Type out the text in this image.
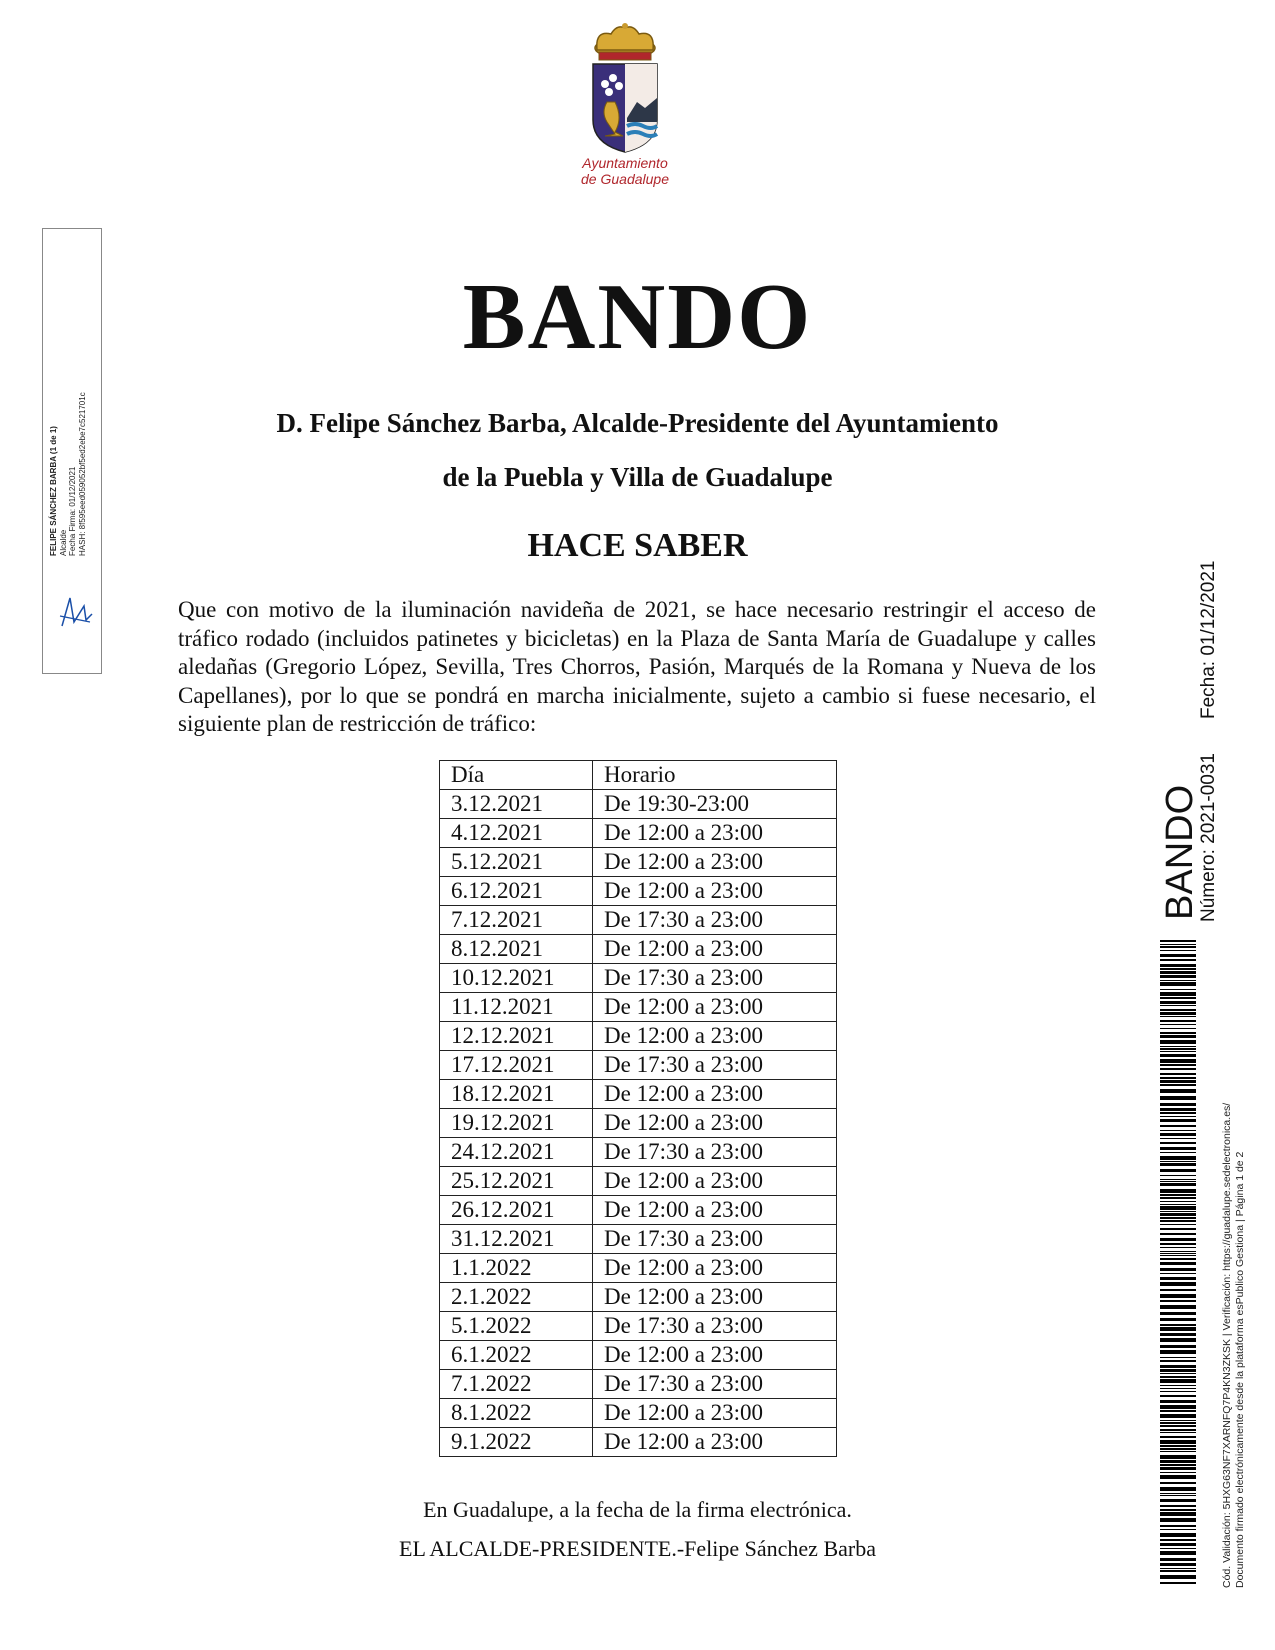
Ayuntamiento
de Guadalupe
FELIPE SÁNCHEZ BARBA (1 de 1)
Alcalde
Fecha Firma: 01/12/2021
HASH: 8f595eed059052bf5ed2ebe7c521701c
BANDO
D. Felipe Sánchez Barba, Alcalde-Presidente del Ayuntamiento
de la Puebla y Villa de Guadalupe
HACE SABER
Que con motivo de la iluminación navideña de 2021, se hace necesario restringir el acceso de tráfico rodado (incluidos patinetes y bicicletas) en la Plaza de Santa María de Guadalupe y calles aledañas (Gregorio López, Sevilla, Tres Chorros, Pasión, Marqués de la Romana y Nueva de los Capellanes), por lo que se pondrá en marcha inicialmente, sujeto a cambio si fuese necesario, el siguiente plan de restricción de tráfico:
Día	Horario
3.12.2021	De 19:30-23:00
4.12.2021	De 12:00 a 23:00
5.12.2021	De 12:00 a 23:00
6.12.2021	De 12:00 a 23:00
7.12.2021	De 17:30 a 23:00
8.12.2021	De 12:00 a 23:00
10.12.2021	De 17:30 a 23:00
11.12.2021	De 12:00 a 23:00
12.12.2021	De 12:00 a 23:00
17.12.2021	De 17:30 a 23:00
18.12.2021	De 12:00 a 23:00
19.12.2021	De 12:00 a 23:00
24.12.2021	De 17:30 a 23:00
25.12.2021	De 12:00 a 23:00
26.12.2021	De 12:00 a 23:00
31.12.2021	De 17:30 a 23:00
1.1.2022	De 12:00 a 23:00
2.1.2022	De 12:00 a 23:00
5.1.2022	De 17:30 a 23:00
6.1.2022	De 12:00 a 23:00
7.1.2022	De 17:30 a 23:00
8.1.2022	De 12:00 a 23:00
9.1.2022	De 12:00 a 23:00
En Guadalupe, a la fecha de la firma electrónica.
EL ALCALDE-PRESIDENTE.-Felipe Sánchez Barba
BANDO
Número: 2021-0031Fecha: 01/12/2021
Cód. Validación: 5HXG63NF7XARNFQ7P4KN3ZKSK | Verificación: https://guadalupe.sedelectronica.es/ Documento firmado electrónicamente desde la plataforma esPublico Gestiona | Página 1 de 2
